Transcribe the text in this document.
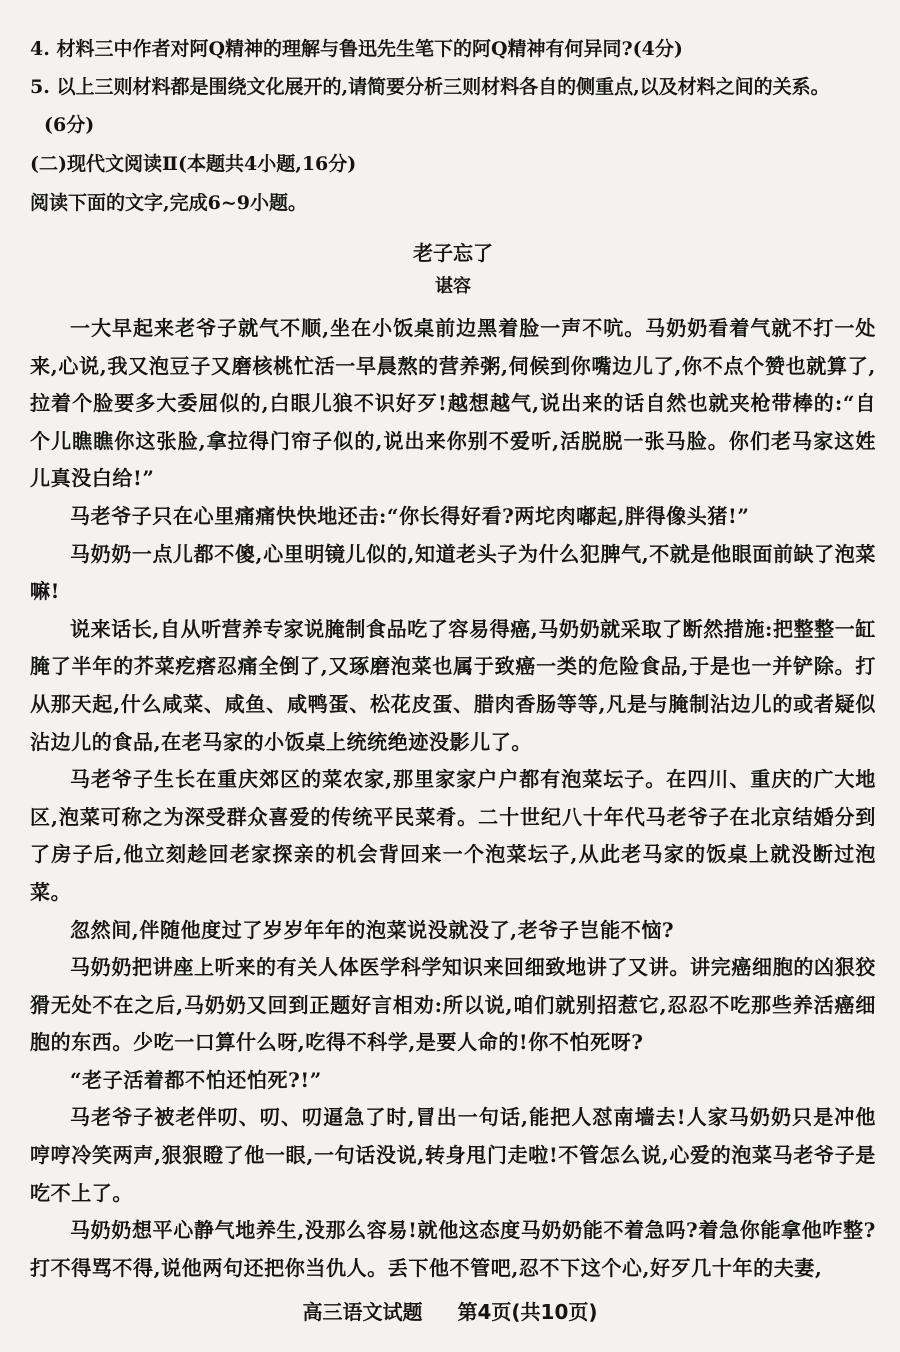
4. 材料三中作者对阿Q精神的理解与鲁迅先生笔下的阿Q精神有何异同?(4分)

5. 以上三则材料都是围绕文化展开的,请简要分析三则材料各自的侧重点,以及材料之间的关系。

(6分)

(二)现代文阅读Ⅱ(本题共4小题,16分)

阅读下面的文字,完成6~9小题。

老子忘了

谌容

一大早起来老爷子就气不顺,坐在小饭桌前边黑着脸一声不吭。马奶奶看着气就不打一处来,心说,我又泡豆子又磨核桃忙活一早晨熬的营养粥,伺候到你嘴边儿了,你不点个赞也就算了,拉着个脸要多大委屈似的,白眼儿狼不识好歹!越想越气,说出来的话自然也就夹枪带棒的:“自个儿瞧瞧你这张脸,拿拉得门帘子似的,说出来你别不爱听,活脱脱一张马脸。你们老马家这姓儿真没白给!”

马老爷子只在心里痛痛快快地还击:“你长得好看?两坨肉嘟起,胖得像头猪!”

马奶奶一点儿都不傻,心里明镜儿似的,知道老头子为什么犯脾气,不就是他眼面前缺了泡菜嘛!

说来话长,自从听营养专家说腌制食品吃了容易得癌,马奶奶就采取了断然措施:把整整一缸腌了半年的芥菜疙瘩忍痛全倒了,又琢磨泡菜也属于致癌一类的危险食品,于是也一并铲除。打从那天起,什么咸菜、咸鱼、咸鸭蛋、松花皮蛋、腊肉香肠等等,凡是与腌制沾边儿的或者疑似沾边儿的食品,在老马家的小饭桌上统统绝迹没影儿了。

马老爷子生长在重庆郊区的菜农家,那里家家户户都有泡菜坛子。在四川、重庆的广大地区,泡菜可称之为深受群众喜爱的传统平民菜肴。二十世纪八十年代马老爷子在北京结婚分到了房子后,他立刻趁回老家探亲的机会背回来一个泡菜坛子,从此老马家的饭桌上就没断过泡菜。

忽然间,伴随他度过了岁岁年年的泡菜说没就没了,老爷子岂能不恼?

马奶奶把讲座上听来的有关人体医学科学知识来回细致地讲了又讲。讲完癌细胞的凶狠狡猾无处不在之后,马奶奶又回到正题好言相劝:所以说,咱们就别招惹它,忍忍不吃那些养活癌细胞的东西。少吃一口算什么呀,吃得不科学,是要人命的!你不怕死呀?

“老子活着都不怕还怕死?!”

马老爷子被老伴叨、叨、叨逼急了时,冒出一句话,能把人怼南墙去!人家马奶奶只是冲他哼哼冷笑两声,狠狠瞪了他一眼,一句话没说,转身甩门走啦!不管怎么说,心爱的泡菜马老爷子是吃不上了。

马奶奶想平心静气地养生,没那么容易!就他这态度马奶奶能不着急吗?着急你能拿他咋整?打不得骂不得,说他两句还把你当仇人。丢下他不管吧,忍不下这个心,好歹几十年的夫妻,

高三语文试题 第4页(共10页)
